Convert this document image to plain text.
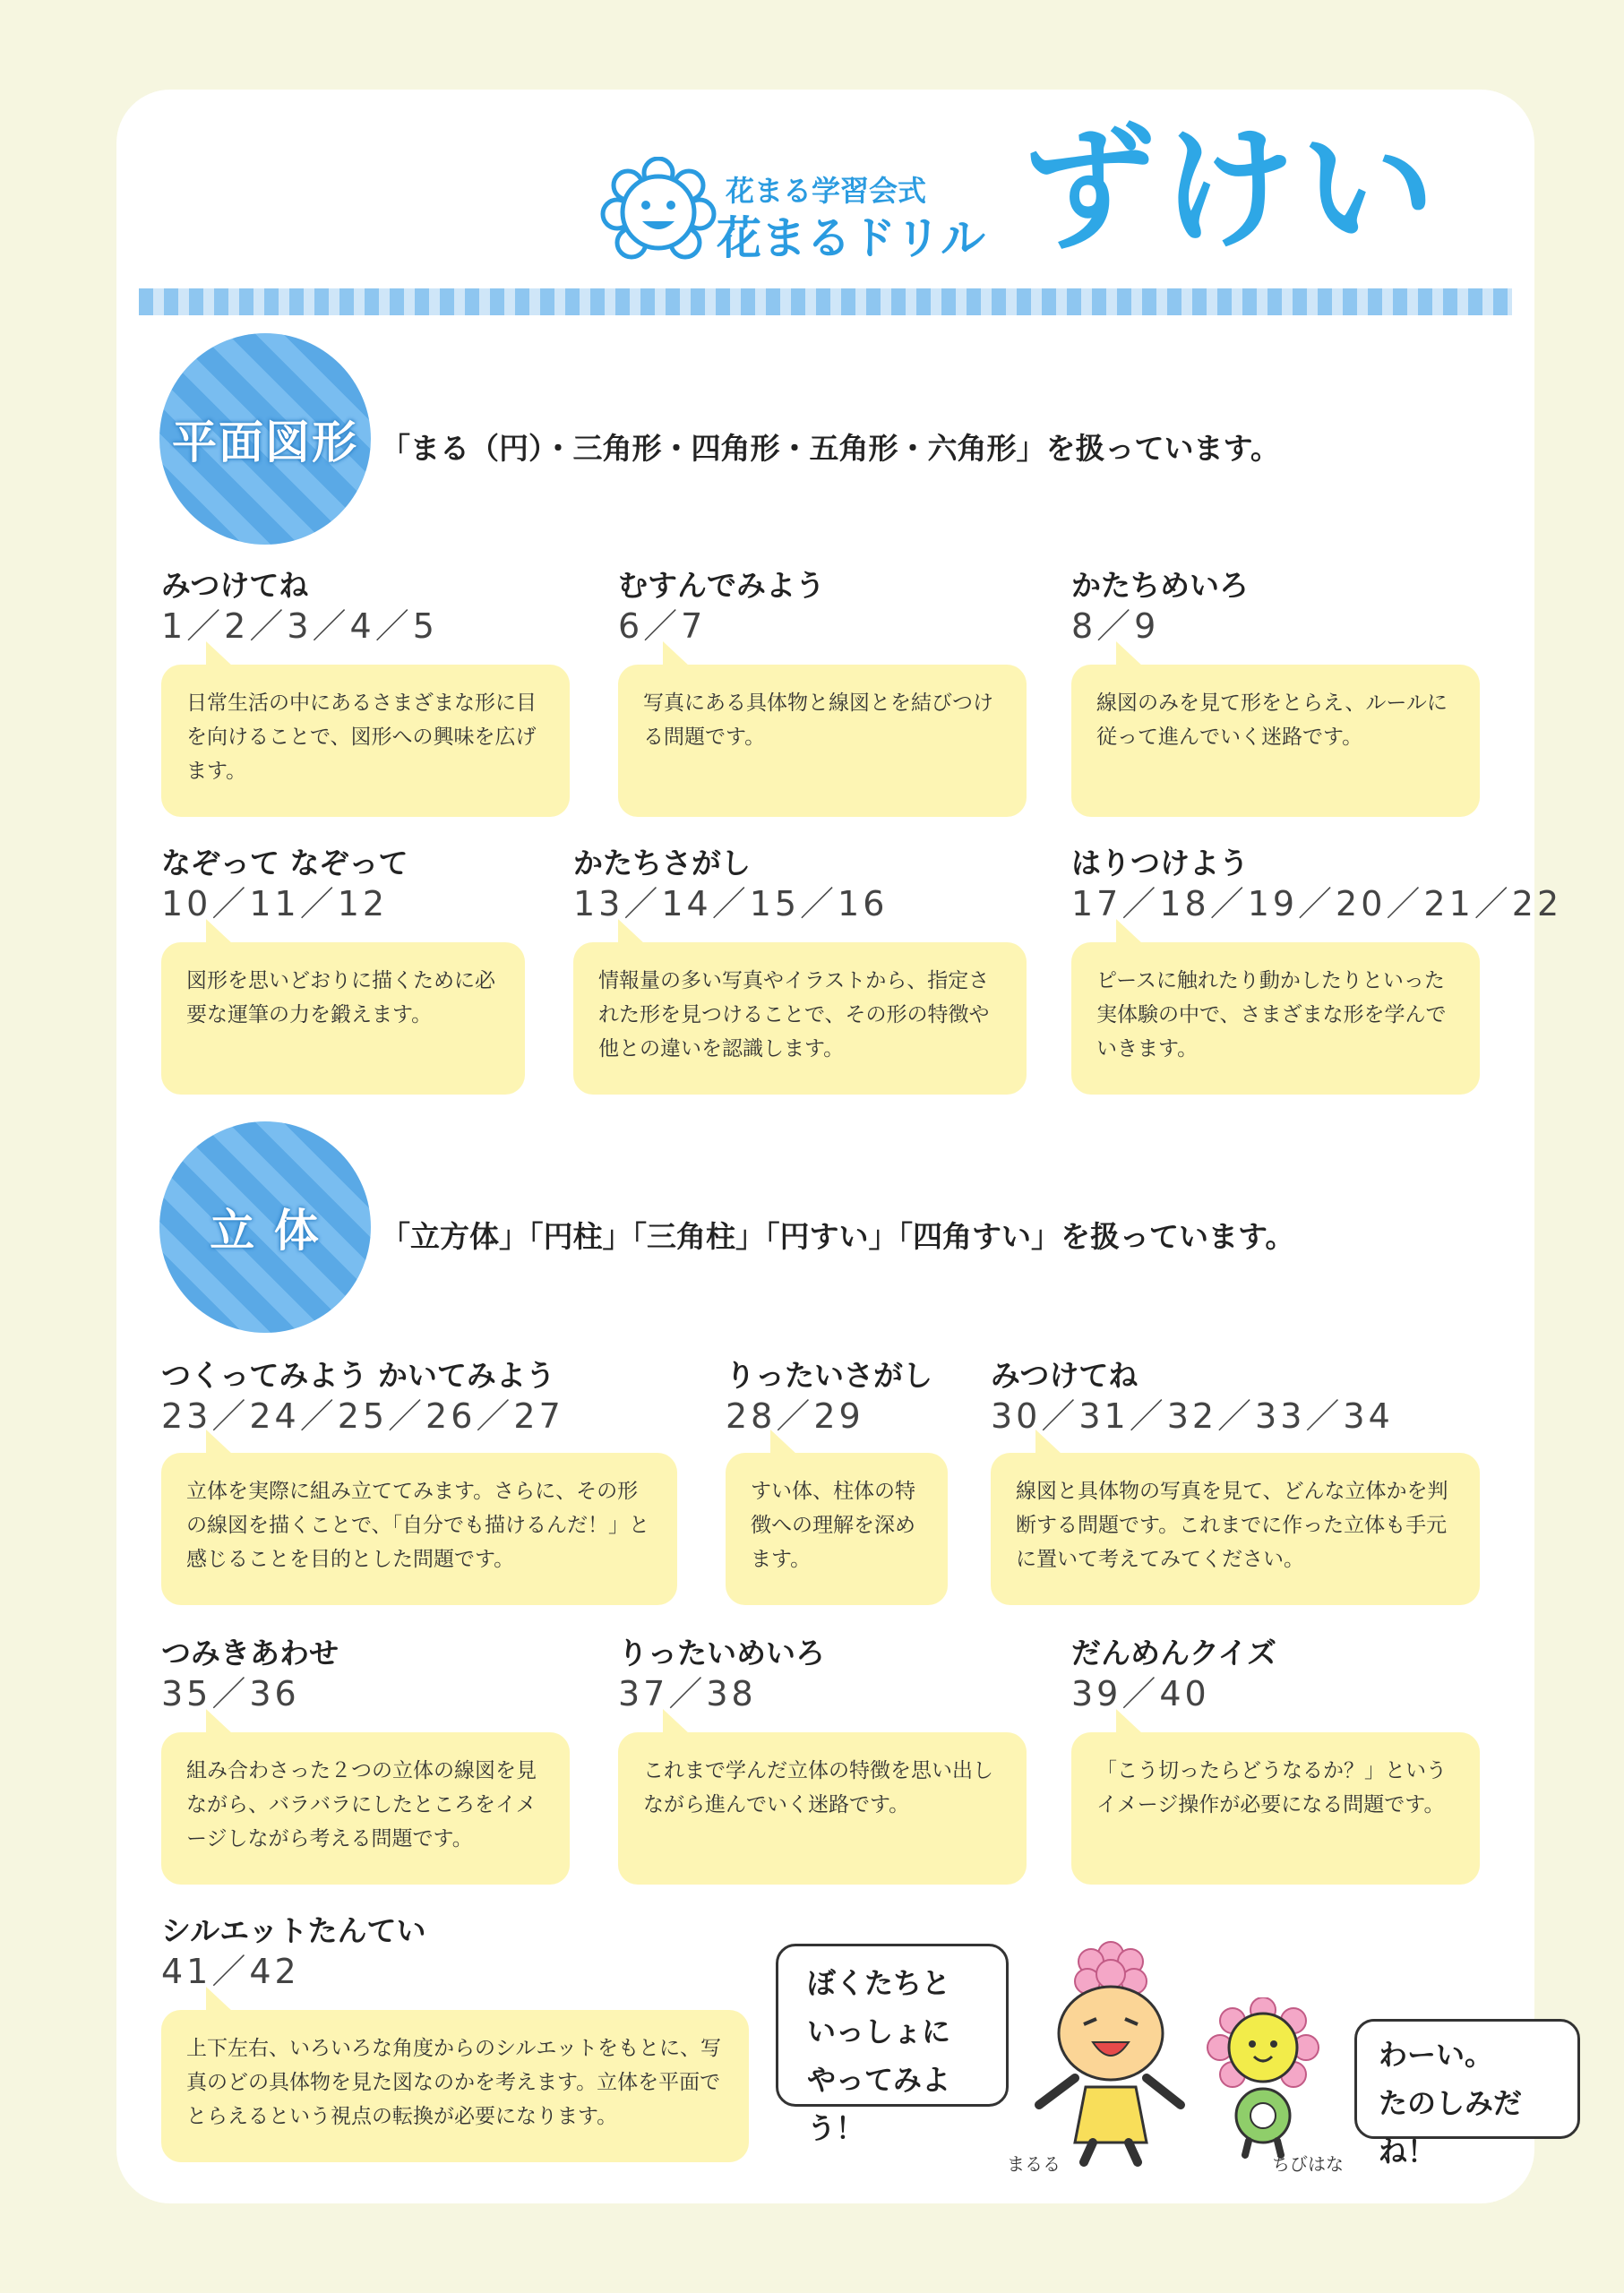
花まる学習会式
花まるドリル ずけい
平面図形 「まる（円）・三角形・四角形・五角形・六角形」を扱っています。
みつけてね
1／2／3／4／5
日常生活の中にあるさまざまな形に目を向けることで、図形への興味を広げます。
むすんでみよう
6／7
写真にある具体物と線図とを結びつける問題です。
かたちめいろ
8／9
線図のみを見て形をとらえ、ルールに従って進んでいく迷路です。
なぞって なぞって
10／11／12
図形を思いどおりに描くために必要な運筆の力を鍛えます。
かたちさがし
13／14／15／16
情報量の多い写真やイラストから、指定された形を見つけることで、その形の特徴や他との違いを認識します。
はりつけよう
17／18／19／20／21／22
ピースに触れたり動かしたりといった実体験の中で、さまざまな形を学んでいきます。
立 体	「立方体」「円柱」「三角柱」「円すい」「四角すい」を扱っています。
つくってみよう かいてみよう
23／24／25／26／27
立体を実際に組み立ててみます。さらに、その形の線図を描くことで、「自分でも描けるんだ！」と感じることを目的とした問題です。
りったいさがし
28／29
すい体、柱体の特徴への理解を深めます。
みつけてね
30／31／32／33／34
線図と具体物の写真を見て、どんな立体かを判断する問題です。これまでに作った立体も手元に置いて考えてみてください。
つみきあわせ
35／36
組み合わさった２つの立体の線図を見ながら、バラバラにしたところをイメージしながら考える問題です。
りったいめいろ
37／38
これまで学んだ立体の特徴を思い出しながら進んでいく迷路です。
だんめんクイズ
39／40
「こう切ったらどうなるか？」というイメージ操作が必要になる問題です。
シルエットたんてい
41／42
上下左右、いろいろな角度からのシルエットをもとに、写真のどの具体物を見た図なのかを考えます。立体を平面でとらえるという視点の転換が必要になります。
ぼくたちと
いっしょに
やってみよう！
わーい。
たのしみだね！
まるる	ちびはな
